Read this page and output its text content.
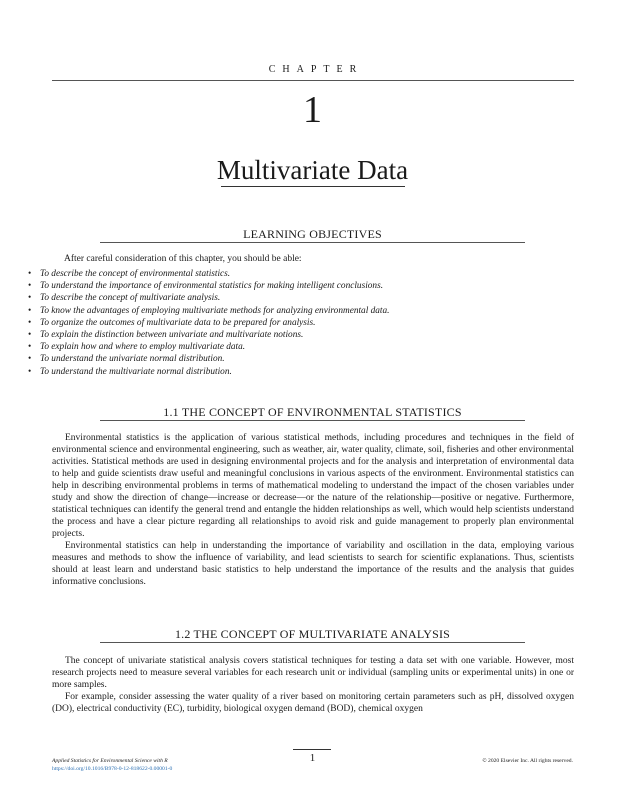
CHAPTER
1
Multivariate Data
LEARNING OBJECTIVES
After careful consideration of this chapter, you should be able:
• To describe the concept of environmental statistics.
• To understand the importance of environmental statistics for making intelligent conclusions.
• To describe the concept of multivariate analysis.
• To know the advantages of employing multivariate methods for analyzing environmental data.
• To organize the outcomes of multivariate data to be prepared for analysis.
• To explain the distinction between univariate and multivariate notions.
• To explain how and where to employ multivariate data.
• To understand the univariate normal distribution.
• To understand the multivariate normal distribution.
1.1 THE CONCEPT OF ENVIRONMENTAL STATISTICS

Environmental statistics is the application of various statistical methods, including procedures and techniques in the field of environmental science and environmental engineering, such as weather, air, water quality, climate, soil, fisheries and other environmental activities. Statistical methods are used in designing environmental projects and for the analysis and interpretation of environmental data to help and guide scientists draw useful and meaningful conclusions in various aspects of the environment. Environmental statistics can help in describing environmental problems in terms of mathematical modeling to understand the impact of the chosen variables under study and show the direction of change—increase or decrease—or the nature of the relationship—positive or negative. Furthermore, statistical techniques can identify the general trend and entangle the hidden relationships as well, which would help scientists understand the process and have a clear picture regarding all relationships to avoid risk and guide management to properly plan environmental projects.

Environmental statistics can help in understanding the importance of variability and oscillation in the data, employing various measures and methods to show the influence of variability, and lead scientists to search for scientific explanations. Thus, scientists should at least learn and understand basic statistics to help understand the importance of the results and the analysis that guides informative conclusions.

1.2 THE CONCEPT OF MULTIVARIATE ANALYSIS

The concept of univariate statistical analysis covers statistical techniques for testing a data set with one variable. However, most research projects need to measure several variables for each research unit or individual (sampling units or experimental units) in one or more samples.

For example, consider assessing the water quality of a river based on monitoring certain parameters such as pH, dissolved oxygen (DO), electrical conductivity (EC), turbidity, biological oxygen demand (BOD), chemical oxygen

Applied Statistics for Environmental Science with R
https://doi.org/10.1016/B978-0-12-818622-0.00001-0
1	© 2020 Elsevier Inc. All rights reserved.
